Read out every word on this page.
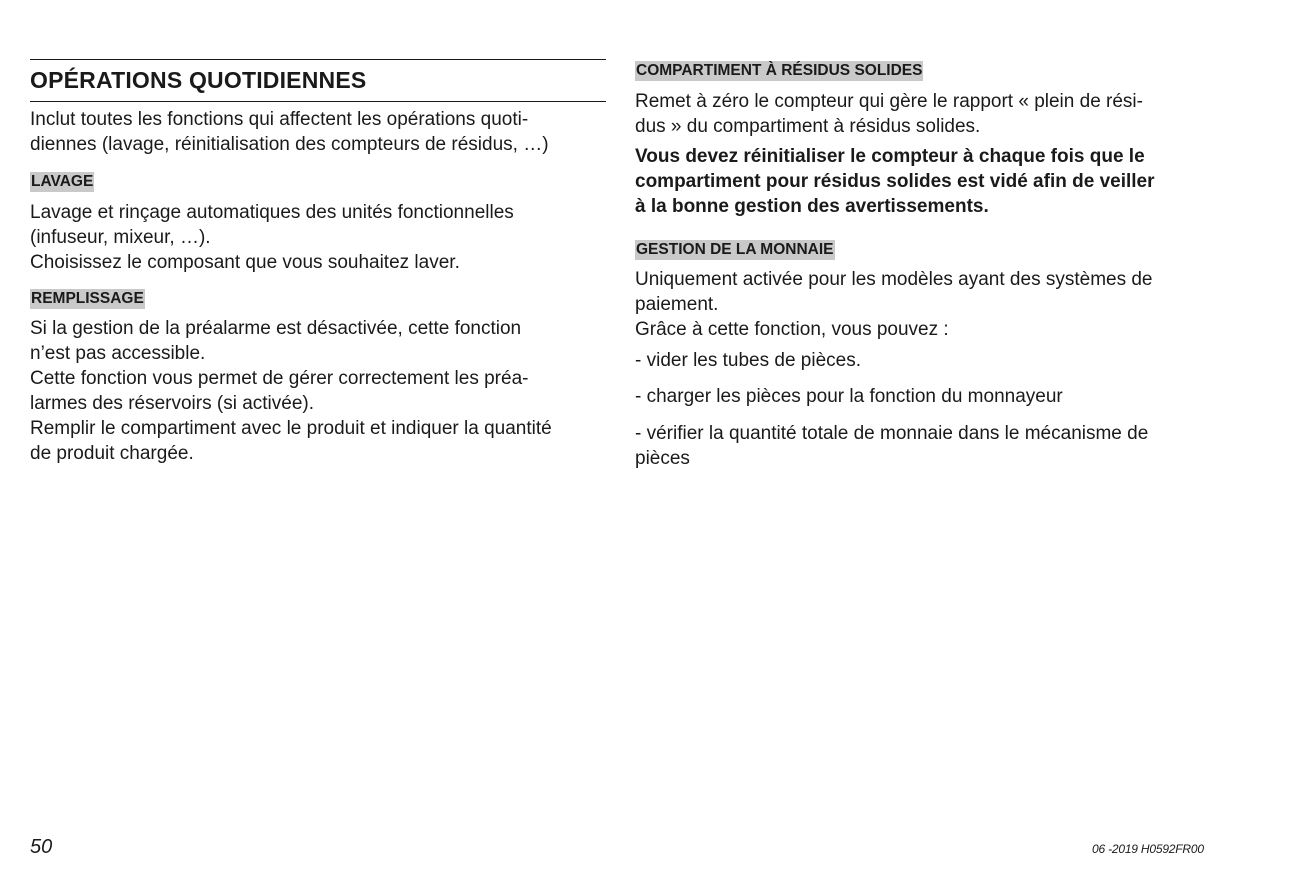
OPÉRATIONS QUOTIDIENNES
Inclut toutes les fonctions qui affectent les opérations quoti-
diennes (lavage, réinitialisation des compteurs de résidus, …)
LAVAGE
Lavage et rinçage automatiques des unités fonctionnelles
(infuseur, mixeur, …).
Choisissez le composant que vous souhaitez laver.
REMPLISSAGE
Si la gestion de la préalarme est désactivée, cette fonction
n’est pas accessible.
Cette fonction vous permet de gérer correctement les préa-
larmes des réservoirs (si activée).
Remplir le compartiment avec le produit et indiquer la quantité
de produit chargée.
COMPARTIMENT À RÉSIDUS SOLIDES
Remet à zéro le compteur qui gère le rapport « plein de rési-
dus » du compartiment à résidus solides.
Vous devez réinitialiser le compteur à chaque fois que le
compartiment pour résidus solides est vidé afin de veiller
à la bonne gestion des avertissements.
GESTION DE LA MONNAIE
Uniquement activée pour les modèles ayant des systèmes de
paiement.
Grâce à cette fonction, vous pouvez :
- vider les tubes de pièces.
- charger les pièces pour la fonction du monnayeur
- vérifier la quantité totale de monnaie dans le mécanisme de
pièces
50	06 -2019 H0592FR00
